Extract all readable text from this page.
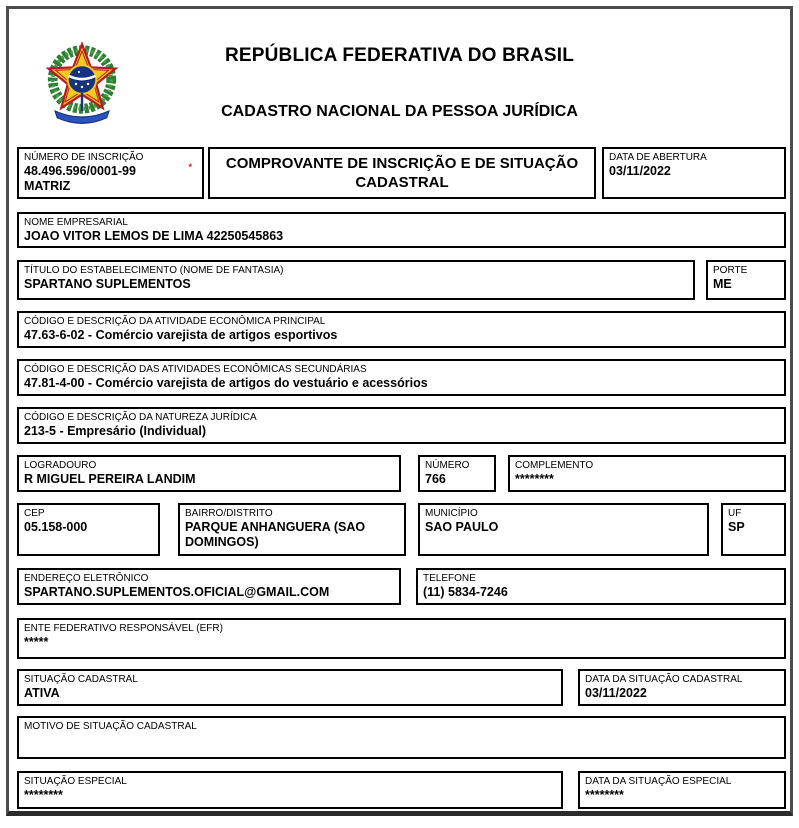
REPÚBLICA FEDERATIVA DO BRASIL
CADASTRO NACIONAL DA PESSOA JURÍDICA
NÚMERO DE INSCRIÇÃO
48.496.596/0001-99
MATRIZ
*	COMPROVANTE DE INSCRIÇÃO E DE SITUAÇÃO CADASTRAL
DATA DE ABERTURA
03/11/2022
NOME EMPRESARIAL
JOAO VITOR LEMOS DE LIMA 42250545863
TÍTULO DO ESTABELECIMENTO (NOME DE FANTASIA)
SPARTANO SUPLEMENTOS
PORTE
ME
CÓDIGO E DESCRIÇÃO DA ATIVIDADE ECONÔMICA PRINCIPAL
47.63-6-02 - Comércio varejista de artigos esportivos
CÓDIGO E DESCRIÇÃO DAS ATIVIDADES ECONÔMICAS SECUNDÁRIAS
47.81-4-00 - Comércio varejista de artigos do vestuário e acessórios
CÓDIGO E DESCRIÇÃO DA NATUREZA JURÍDICA
213-5 - Empresário (Individual)
LOGRADOURO
R MIGUEL PEREIRA LANDIM
NÚMERO
766
COMPLEMENTO
********
CEP
05.158-000
BAIRRO/DISTRITO
PARQUE ANHANGUERA (SAO DOMINGOS)
MUNICÍPIO
SAO PAULO
UF
SP
ENDEREÇO ELETRÔNICO
SPARTANO.SUPLEMENTOS.OFICIAL@GMAIL.COM
TELEFONE
(11) 5834-7246
ENTE FEDERATIVO RESPONSÁVEL (EFR)
*****
SITUAÇÃO CADASTRAL
ATIVA
DATA DA SITUAÇÃO CADASTRAL
03/11/2022
MOTIVO DE SITUAÇÃO CADASTRAL
SITUAÇÃO ESPECIAL
********
DATA DA SITUAÇÃO ESPECIAL
********
